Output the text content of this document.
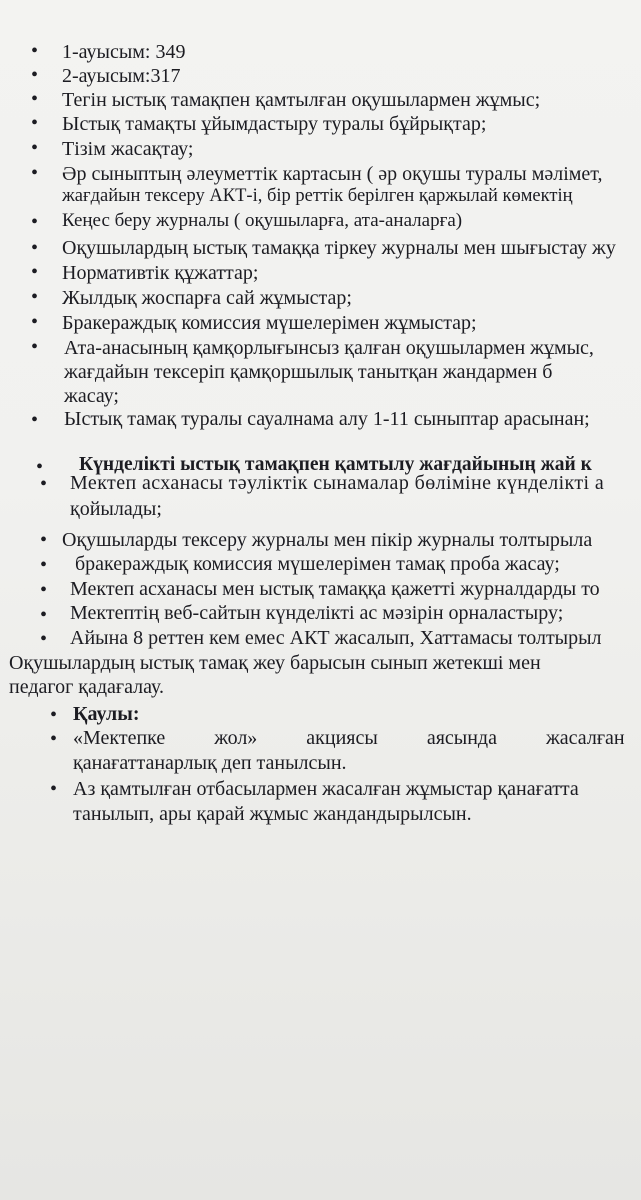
• 1-ауысым: 349
• 2-ауысым:317
• Тегін ыстық тамақпен қамтылған оқушылармен жұмыс;
• Ыстық тамақты ұйымдастыру туралы бұйрықтар;
• Тізім жасақтау;
• Әр сыныптың әлеуметтік картасын ( әр оқушы туралы мәлімет,
жағдайын тексеру АКТ-і, бір реттік берілген қаржылай көмектің
• Кеңес беру журналы ( оқушыларға, ата-аналарға)
• Оқушылардың ыстық тамаққа тіркеу журналы мен шығыстау жу
• Нормативтік құжаттар;
• Жылдық жоспарға сай жұмыстар;
• Бракераждық комиссия мүшелерімен жұмыстар;
• Ата-анасының қамқорлығынсыз қалған оқушылармен жұмыс,
жағдайын тексеріп қамқоршылық танытқан жандармен б
жасау;
• Ыстық тамақ туралы сауалнама алу 1-11 сыныптар арасынан;
• Күнделікті ыстық тамақпен қамтылу жағдайының жай к
• Мектеп асханасы тәуліктік сынамалар бөліміне күнделікті а
қойылады;
• Оқушыларды тексеру журналы мен пікір журналы толтырыла
• бракераждық комиссия мүшелерімен тамақ проба жасау;
• Мектеп асханасы мен ыстық тамаққа қажетті журналдарды то
• Мектептің веб-сайтын күнделікті ас мәзірін орналастыру;
• Айына 8 реттен кем емес АКТ жасалып, Хаттамасы толтырыл
Оқушылардың ыстық тамақ жеу барысын сынып жетекші мен
педагог қадағалау.
• Қаулы:
• «Мектепке жол» акциясы аясында жасалған
қанағаттанарлық деп танылсын.
• Аз қамтылған отбасылармен жасалған жұмыстар қанағатта
танылып, ары қарай жұмыс жандандырылсын.
